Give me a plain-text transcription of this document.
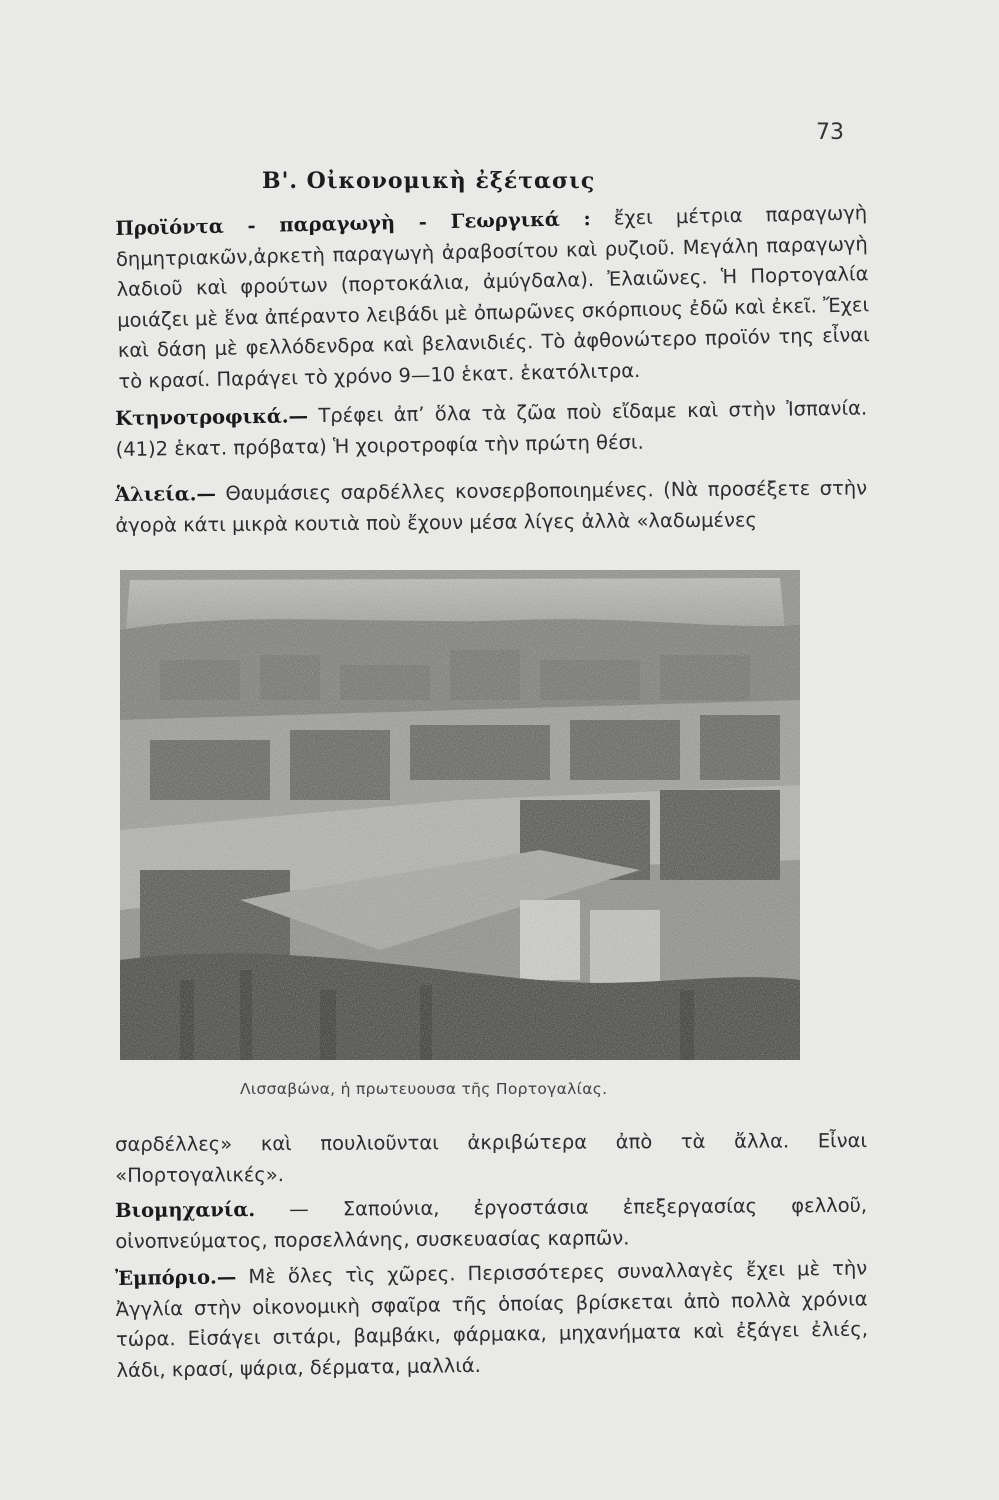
73
Β'. Οἰκονομικὴ ἐξέτασις

Προϊόντα - παραγωγὴ - Γεωργικά : ἔχει μέτρια παραγωγὴ δημητριακῶν,ἀρκετὴ παραγωγὴ ἀραβοσίτου καὶ ρυζιοῦ. Μεγάλη παραγωγὴ λαδιοῦ καὶ φρούτων (πορτοκάλια, ἀμύγδαλα). Ἐλαιῶνες. Ἡ Πορτογαλία μοιάζει μὲ ἕνα ἀπέραντο λειβάδι μὲ ὀπωρῶνες σκόρπιους ἐδῶ καὶ ἐκεῖ. Ἔχει καὶ δάση μὲ φελλόδενδρα καὶ βελανιδιές. Τὸ ἀφθονώτερο προϊόν της εἶναι τὸ κρασί. Παράγει τὸ χρόνο 9—10 ἑκατ. ἑκατόλιτρα.

Κτηνοτροφικά.— Τρέφει ἀπ’ ὅλα τὰ ζῶα ποὺ εἴδαμε καὶ στὴν Ἰσπανία. (41)2 ἑκατ. πρόβατα) Ἡ χοιροτροφία τὴν πρώτη θέσι.

Ἁλιεία.— Θαυμάσιες σαρδέλλες κονσερβοποιημένες. (Νὰ προσέξετε στὴν ἀγορὰ κάτι μικρὰ κουτιὰ ποὺ ἔχουν μέσα λίγες ἀλλὰ «λαδωμένες

Λισσαβώνα, ἡ πρωτευουσα τῆς Πορτογαλίας.

σαρδέλλες» καὶ πουλιοῦνται ἀκριβώτερα ἀπὸ τὰ ἄλλα. Εἶναι «Πορτογαλικές».

Βιομηχανία. — Σαπούνια, ἐργοστάσια ἐπεξεργασίας φελλοῦ, οἰνοπνεύματος, πορσελλάνης, συσκευασίας καρπῶν.

Ἐμπόριο.— Μὲ ὅλες τὶς χῶρες. Περισσότερες συναλλαγὲς ἔχει μὲ τὴν Ἀγγλία στὴν οἰκονομικὴ σφαῖρα τῆς ὁποίας βρίσκεται ἀπὸ πολλὰ χρόνια τώρα. Εἰσάγει σιτάρι, βαμβάκι, φάρμακα, μηχανήματα καὶ ἐξάγει ἐλιές, λάδι, κρασί, ψάρια, δέρματα, μαλλιά.
